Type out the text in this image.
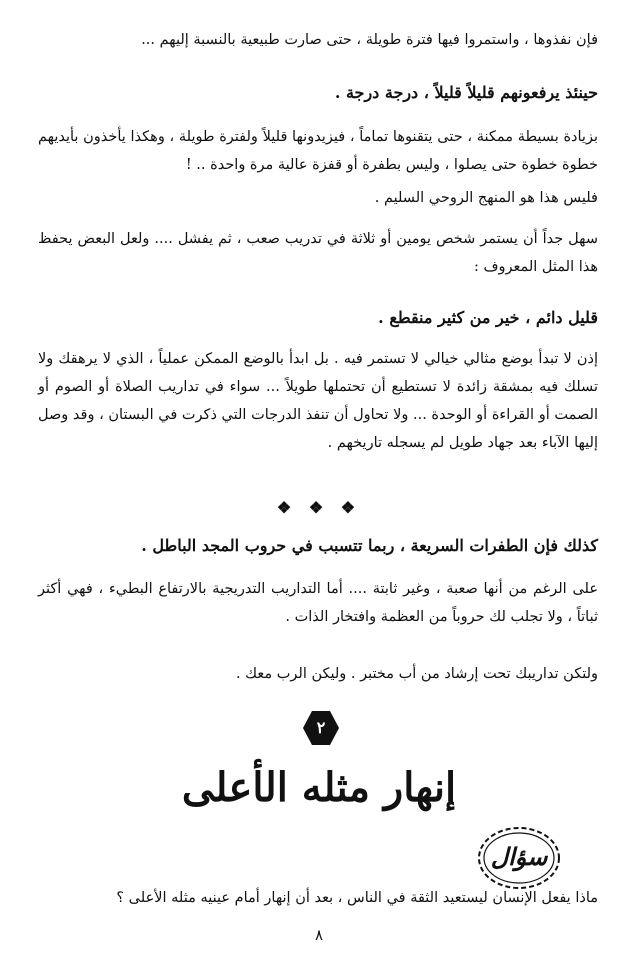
فإن نفذوها ، واستمروا فيها فترة طويلة ، حتى صارت طبيعية بالنسبة إليهم ...
حينئذ يرفعونهم قليلاً قليلاً ، درجة درجة .
بزيادة بسيطة ممكنة ، حتى يتقنوها تماماً ، فيزيدونها قليلاً ولفترة طويلة ، وهكذا يأخذون بأيديهم خطوة خطوة حتى يصلوا ، وليس بطفرة أو قفزة عالية مرة واحدة .. !
فليس هذا هو المنهج الروحي السليم .
سهل جداً أن يستمر شخص يومين أو ثلاثة في تدريب صعب ، ثم يفشل .... ولعل البعض يحفظ هذا المثل المعروف :
قليل دائم ، خير من كثير منقطع .
إذن لا تبدأ بوضع مثالي خيالي لا تستمر فيه . بل ابدأ بالوضع الممكن عملياً ، الذي لا يرهقك ولا تسلك فيه بمشقة زائدة لا تستطيع أن تحتملها طويلاً ... سواء في تداريب الصلاة أو الصوم أو الصمت أو القراءة أو الوحدة ... ولا تحاول أن تنفذ الدرجات التي ذكرت في البستان ، وقد وصل إليها الآباء بعد جهاد طويل لم يسجله تاريخهم .
❖ ❖ ❖
كذلك فإن الطفرات السريعة ، ربما تتسبب في حروب المجد الباطل .
على الرغم من أنها صعبة ، وغير ثابتة .... أما التداريب التدريجية بالارتفاع البطيء ، فهي أكثر ثباتاً ، ولا تجلب لك حروباً من العظمة وافتخار الذات .
ولتكن تداريبك تحت إرشاد من أب مختبر . وليكن الرب معك .
٢
إنهار مثله الأعلى
سؤال
ماذا يفعل الإنسان ليستعيد الثقة في الناس ، بعد أن إنهار أمام عينيه مثله الأعلى ؟
٨
